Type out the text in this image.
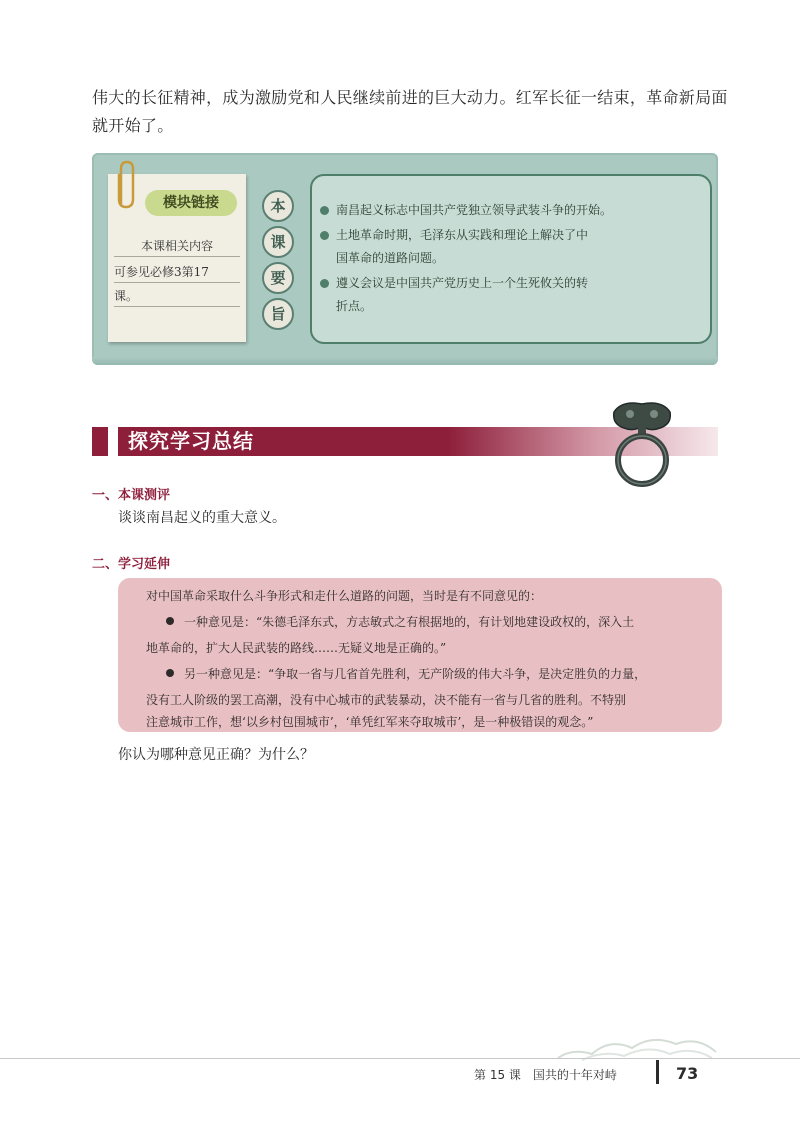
伟大的长征精神，成为激励党和人民继续前进的巨大动力。红军长征一结束，革命新局面
就开始了。
模块链接
本课相关内容
可参见必修3第17
课。
本
课
要
旨
南昌起义标志中国共产党独立领导武装斗争的开始。
土地革命时期，毛泽东从实践和理论上解决了中
国革命的道路问题。
遵义会议是中国共产党历史上一个生死攸关的转
折点。
探究学习总结
一、本课测评
谈谈南昌起义的重大意义。
二、学习延伸
对中国革命采取什么斗争形式和走什么道路的问题，当时是有不同意见的：
一种意见是：“朱德毛泽东式，方志敏式之有根据地的，有计划地建设政权的，深入土
地革命的，扩大人民武装的路线……无疑义地是正确的。”
另一种意见是：“争取一省与几省首先胜利，无产阶级的伟大斗争，是决定胜负的力量，
没有工人阶级的罢工高潮，没有中心城市的武装暴动，决不能有一省与几省的胜利。不特别
注意城市工作，想‘以乡村包围城市’，‘单凭红军来夺取城市’，是一种极错误的观念。”
你认为哪种意见正确？为什么？
第 15 课　国共的十年对峙	73
